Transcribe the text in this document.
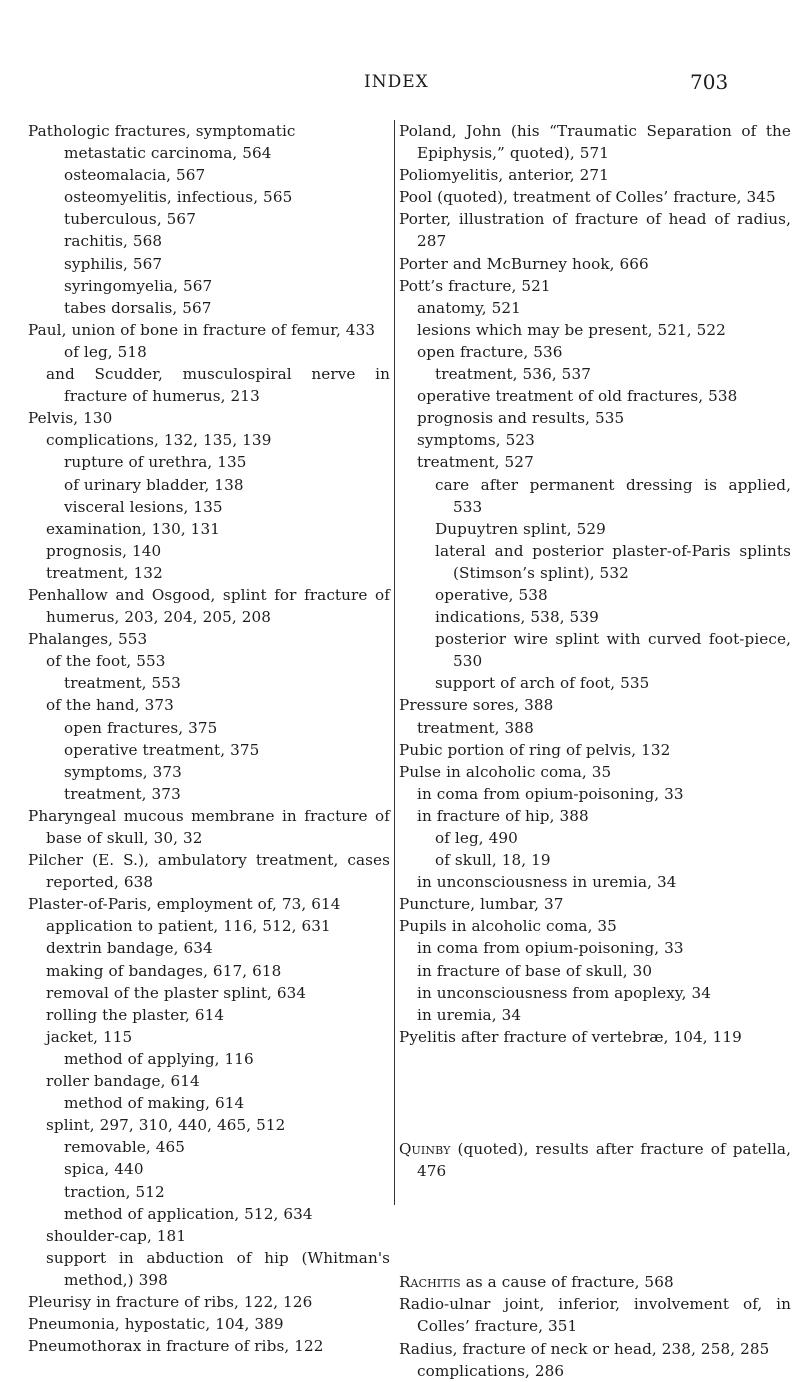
INDEX	703

Pathologic fractures, symptomatic

metastatic carcinoma, 564

osteomalacia, 567

osteomyelitis, infectious, 565

tuberculous, 567

rachitis, 568

syphilis, 567

syringomyelia, 567

tabes dorsalis, 567

Paul, union of bone in fracture of femur, 433

of leg, 518

and Scudder, musculospiral nerve in fracture of humerus, 213

Pelvis, 130

complications, 132, 135, 139

rupture of urethra, 135

of urinary bladder, 138

visceral lesions, 135

examination, 130, 131

prognosis, 140

treatment, 132

Penhallow and Osgood, splint for fracture of humerus, 203, 204, 205, 208

Phalanges, 553

of the foot, 553

treatment, 553

of the hand, 373

open fractures, 375

operative treatment, 375

symptoms, 373

treatment, 373

Pharyngeal mucous membrane in fracture of base of skull, 30, 32

Pilcher (E. S.), ambulatory treatment, cases reported, 638

Plaster-of-Paris, employment of, 73, 614

application to patient, 116, 512, 631

dextrin bandage, 634

making of bandages, 617, 618

removal of the plaster splint, 634

rolling the plaster, 614

jacket, 115

method of applying, 116

roller bandage, 614

method of making, 614

splint, 297, 310, 440, 465, 512

removable, 465

spica, 440

traction, 512

method of application, 512, 634

shoulder-cap, 181

support in abduction of hip (Whitman's method,) 398

Pleurisy in fracture of ribs, 122, 126

Pneumonia, hypostatic, 104, 389

Pneumothorax in fracture of ribs, 122

Poland, John (his “Traumatic Separation of the Epiphysis,” quoted), 571

Poliomyelitis, anterior, 271

Pool (quoted), treatment of Colles’ fracture, 345

Porter, illustration of fracture of head of radius, 287

Porter and McBurney hook, 666

Pott’s fracture, 521

anatomy, 521

lesions which may be present, 521, 522

open fracture, 536

treatment, 536, 537

operative treatment of old fractures, 538

prognosis and results, 535

symptoms, 523

treatment, 527

care after permanent dressing is applied, 533

Dupuytren splint, 529

lateral and posterior plaster-of-Paris splints (Stimson’s splint), 532

operative, 538

indications, 538, 539

posterior wire splint with curved foot-piece, 530

support of arch of foot, 535

Pressure sores, 388

treatment, 388

Pubic portion of ring of pelvis, 132

Pulse in alcoholic coma, 35

in coma from opium-poisoning, 33

in fracture of hip, 388

of leg, 490

of skull, 18, 19

in unconsciousness in uremia, 34

Puncture, lumbar, 37

Pupils in alcoholic coma, 35

in coma from opium-poisoning, 33

in fracture of base of skull, 30

in unconsciousness from apoplexy, 34

in uremia, 34

Pyelitis after fracture of vertebræ, 104, 119

Quinby (quoted), results after fracture of patella, 476

Rachitis as a cause of fracture, 568

Radio-ulnar joint, inferior, involvement of, in Colles’ fracture, 351

Radius, fracture of neck or head, 238, 258, 285

complications, 286
